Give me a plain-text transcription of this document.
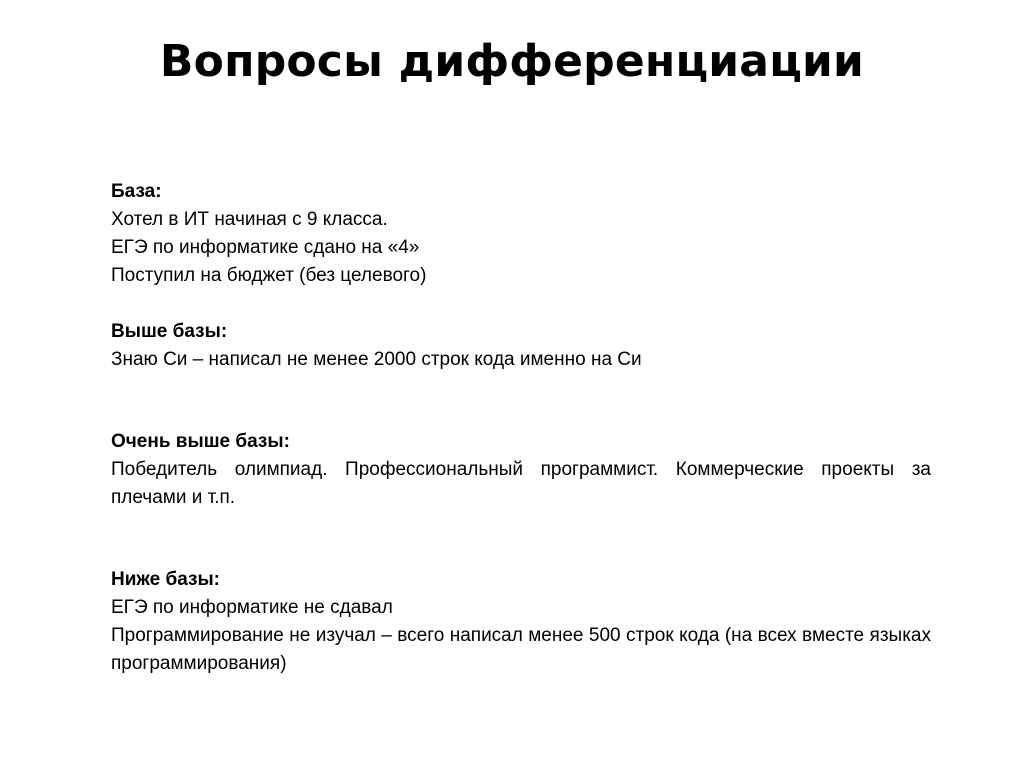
Вопросы дифференциации
База:
Хотел в ИТ начиная с 9 класса.
ЕГЭ по информатике сдано на «4»
Поступил на бюджет (без целевого)
Выше базы:
Знаю Си – написал не менее 2000 строк кода именно на Си
Очень выше базы:
Победитель олимпиад. Профессиональный программист. Коммерческие проекты за плечами и т.п.
Ниже базы:
ЕГЭ по информатике не сдавал
Программирование не изучал – всего написал менее 500 строк кода (на всех вместе языках программирования)
